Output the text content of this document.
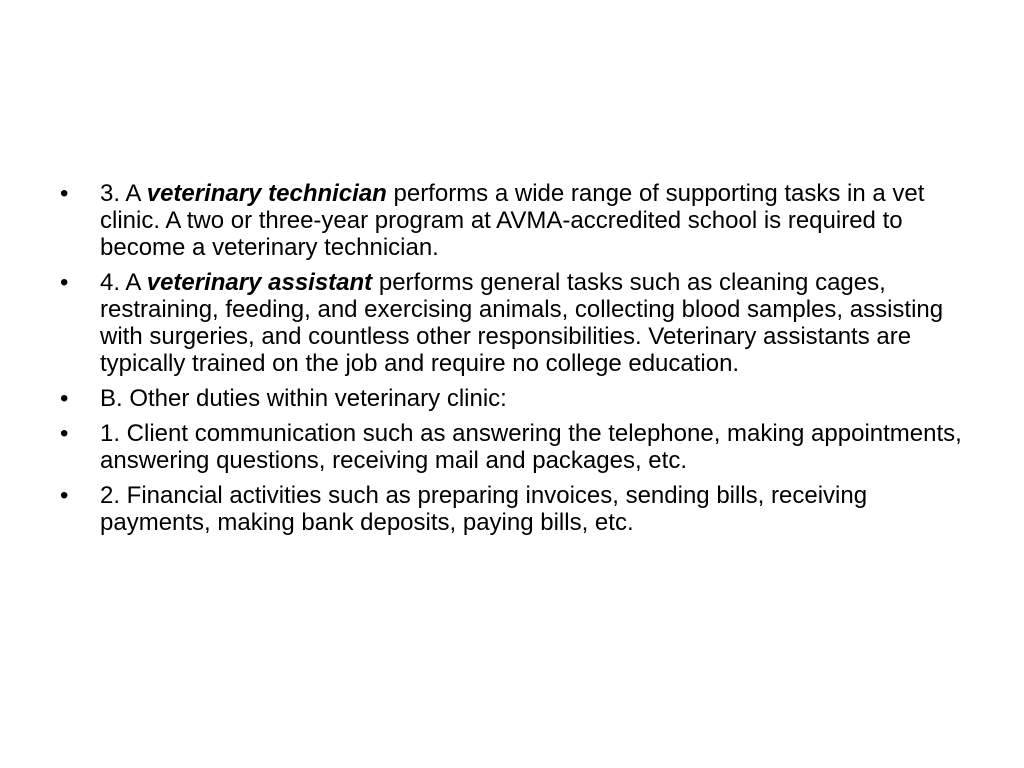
•	3. A veterinary technician performs a wide range of supporting tasks in a vet clinic. A two or three-year program at AVMA-accredited school is required to become a veterinary technician.
•	4. A veterinary assistant performs general tasks such as cleaning cages, restraining, feeding, and exercising animals, collecting blood samples, assisting with surgeries, and countless other responsibilities. Veterinary assistants are typically trained on the job and require no college education.
•	B. Other duties within veterinary clinic:
•	1. Client communication such as answering the telephone, making appointments, answering questions, receiving mail and packages, etc.
•	2. Financial activities such as preparing invoices, sending bills, receiving payments, making bank deposits, paying bills, etc.
